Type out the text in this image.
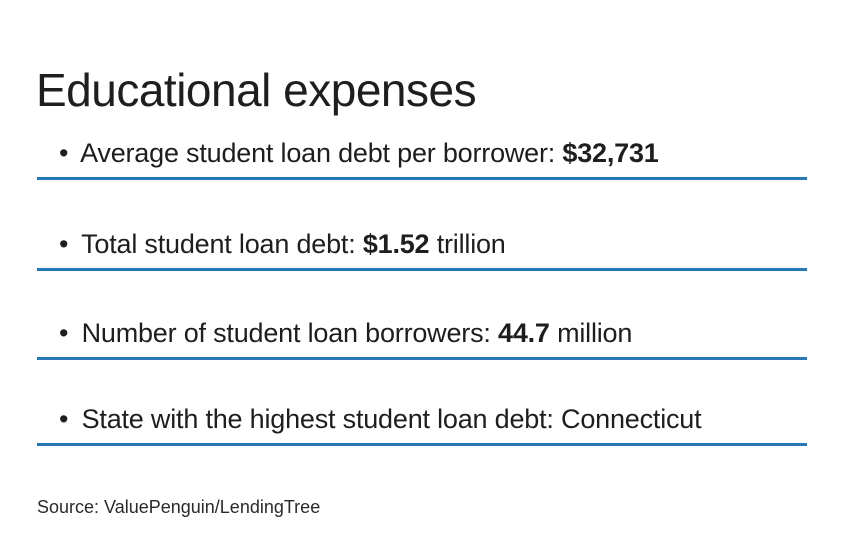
Educational expenses
• Average student loan debt per borrower: $32,731
• Total student loan debt: $1.52 trillion
• Number of student loan borrowers: 44.7 million
• State with the highest student loan debt: Connecticut
Source: ValuePenguin/LendingTree
